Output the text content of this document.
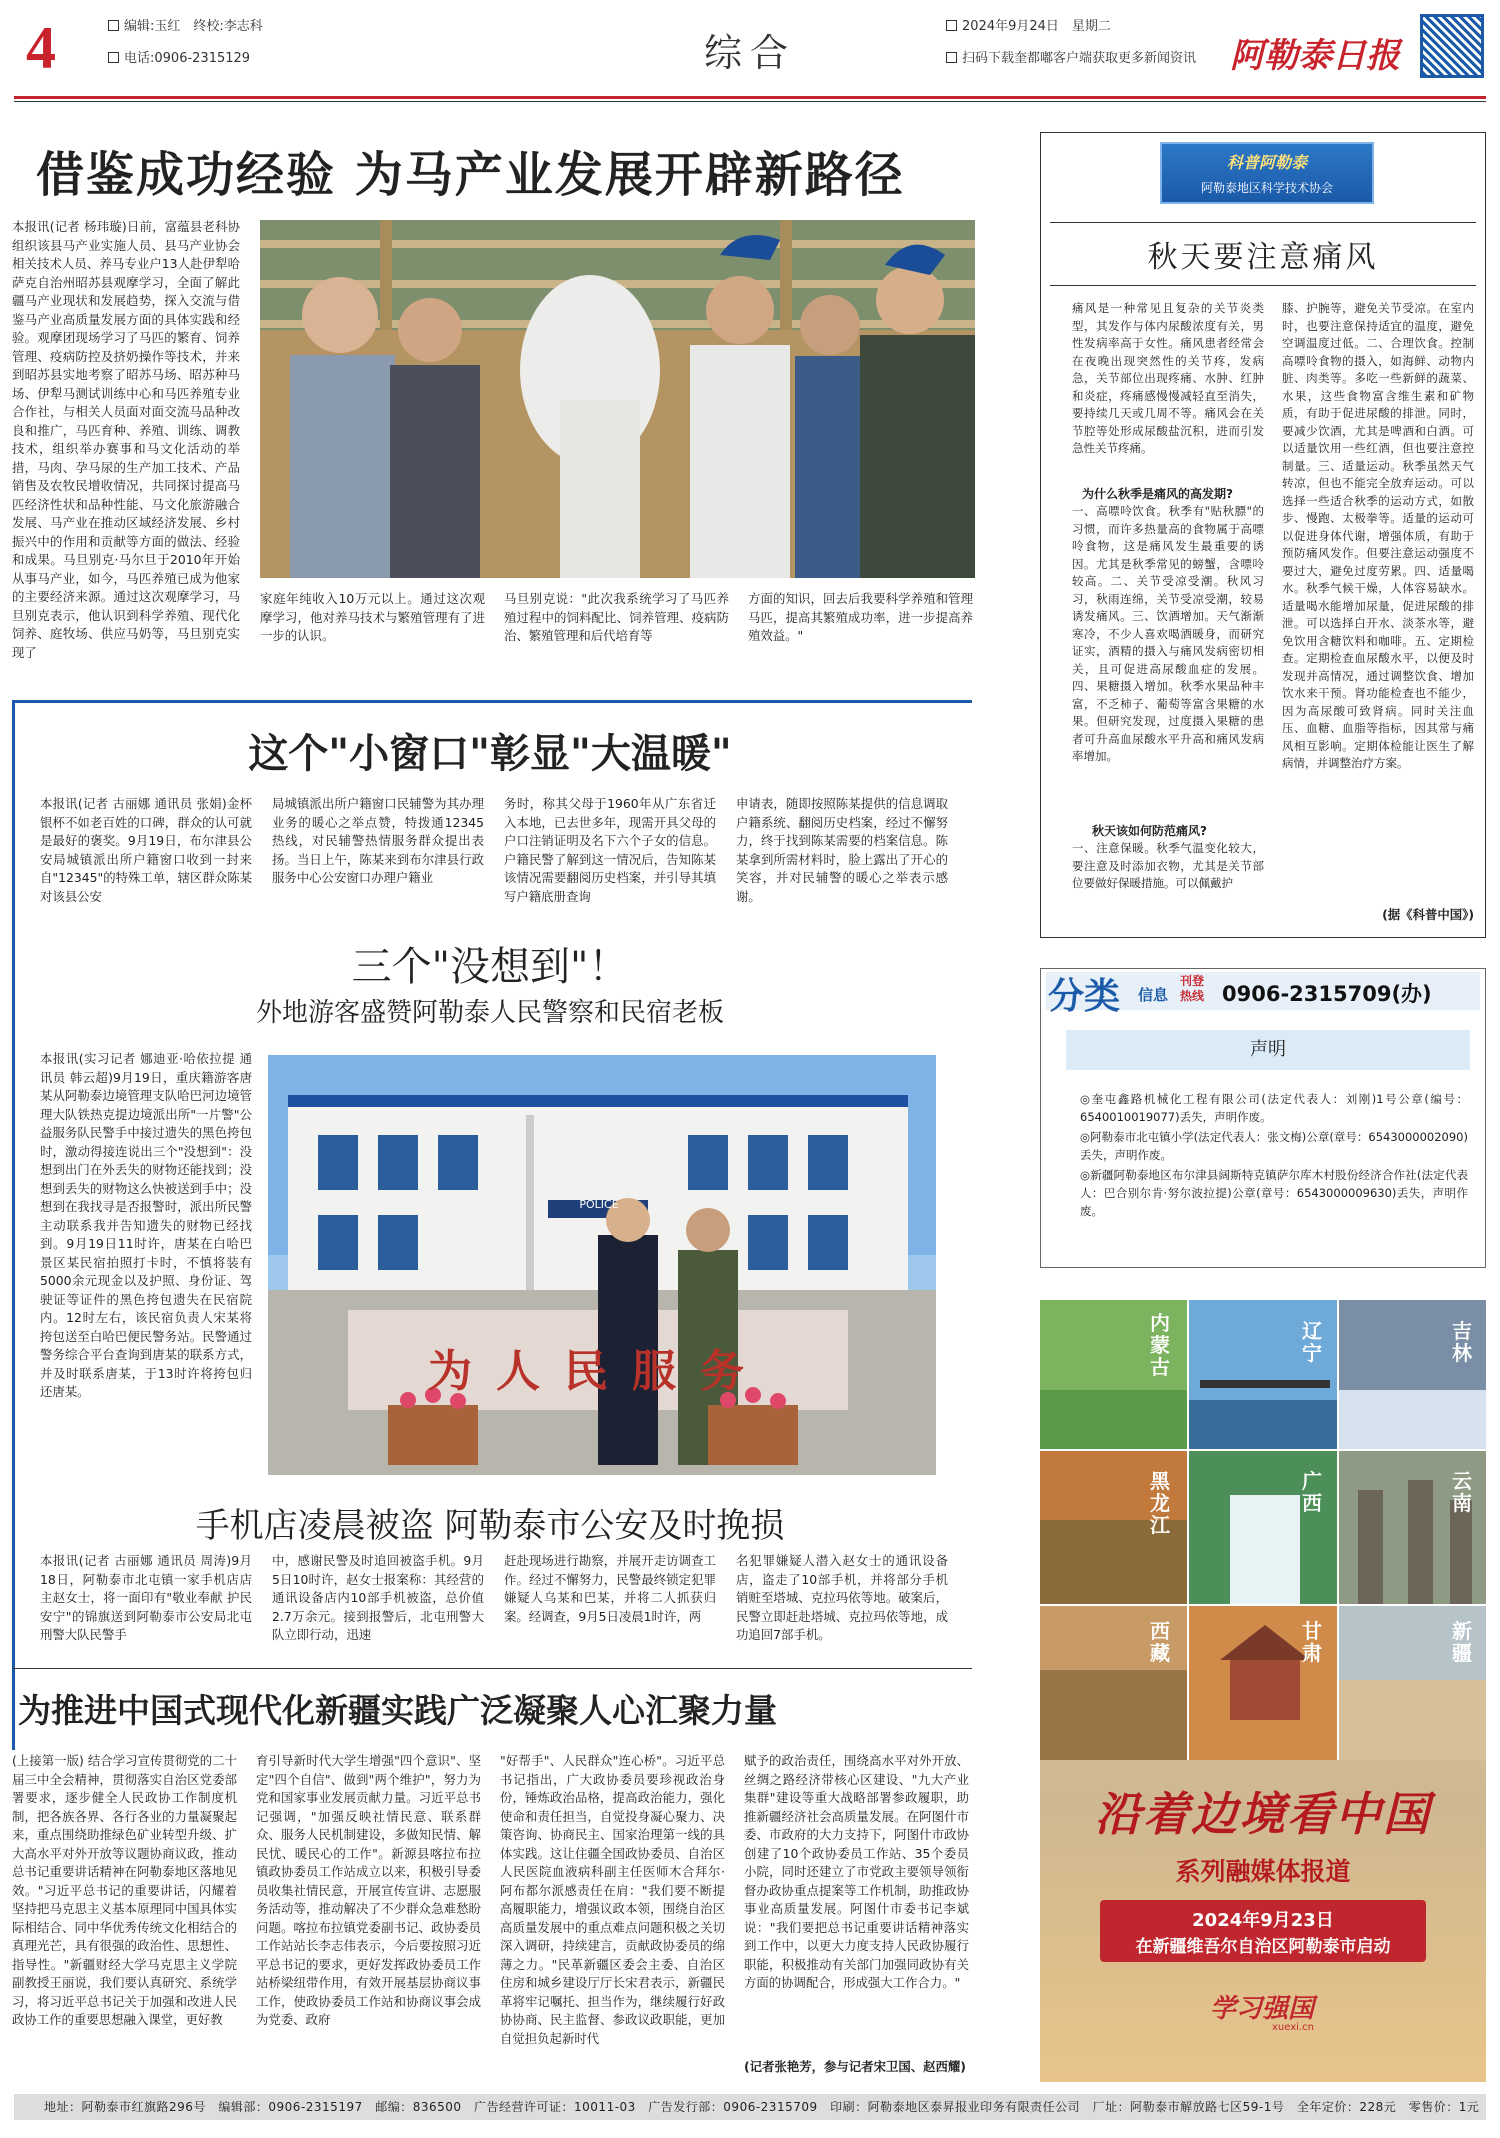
4	编辑:玉红　终校:李志科
电话:0906-2315129	综合
2024年9月24日　星期二
扫码下载奎都嘟客户端获取更多新闻资讯 阿勒泰日报
借鉴成功经验 为马产业发展开辟新路径
本报讯(记者 杨玮璇)日前，富蕴县老科协组织该县马产业实施人员、县马产业协会相关技术人员、养马专业户13人赴伊犁哈萨克自治州昭苏县观摩学习，全面了解此疆马产业现状和发展趋势，探入交流与借鉴马产业高质量发展方面的具体实践和经验。观摩团现场学习了马匹的繁育、饲养管理、疫病防控及挤奶操作等技术，并来到昭苏县实地考察了昭苏马场、昭苏种马场、伊犁马测试训练中心和马匹养殖专业合作社，与相关人员面对面交流马品种改良和推广，马匹育种、养殖、训练、调教技术，组织举办赛事和马文化活动的举措，马肉、孕马尿的生产加工技术、产品销售及农牧民增收情况，共同探讨提高马匹经济性状和品种性能、马文化旅游融合发展、马产业在推动区域经济发展、乡村振兴中的作用和贡献等方面的做法、经验和成果。马旦别克·马尔旦于2010年开始从事马产业，如今，马匹养殖已成为他家的主要经济来源。通过这次观摩学习，马旦别克表示，他认识到科学养殖、现代化饲养、庭牧场、供应马奶等，马旦别克实现了
家庭年纯收入10万元以上。通过这次观摩学习，他对养马技术与繁殖管理有了进一步的认识。
马旦别克说："此次我系统学习了马匹养殖过程中的饲料配比、饲养管理、疫病防治、繁殖管理和后代培育等
方面的知识，回去后我要科学养殖和管理马匹，提高其繁殖成功率，进一步提高养殖效益。"
这个"小窗口"彰显"大温暖"
本报讯(记者 古丽娜 通讯员 张娟)金杯银杯不如老百姓的口碑，群众的认可就是最好的褒奖。9月19日，布尔津县公安局城镇派出所户籍窗口收到一封来自"12345"的特殊工单，辖区群众陈某对该县公安
局城镇派出所户籍窗口民辅警为其办理业务的暖心之举点赞，特拨通12345热线，对民辅警热情服务群众提出表扬。当日上午，陈某来到布尔津县行政服务中心公安窗口办理户籍业
务时，称其父母于1960年从广东省迁入本地，已去世多年，现需开具父母的户口注销证明及名下六个子女的信息。户籍民警了解到这一情况后，告知陈某该情况需要翻阅历史档案，并引导其填写户籍底册查询
申请表，随即按照陈某提供的信息调取户籍系统、翻阅历史档案，经过不懈努力，终于找到陈某需要的档案信息。陈某拿到所需材料时，脸上露出了开心的笑容，并对民辅警的暖心之举表示感谢。
三个"没想到"！
外地游客盛赞阿勒泰人民警察和民宿老板
本报讯(实习记者 娜迪亚·哈依拉提 通讯员 韩云超)9月19日，重庆籍游客唐某从阿勒泰边境管理支队哈巴河边境管理大队铁热克提边境派出所"一片警"公益服务队民警手中接过遗失的黑色挎包时，激动得接连说出三个"没想到"：没想到出门在外丢失的财物还能找到；没想到丢失的财物这么快被送到手中；没想到在我找寻是否报警时，派出所民警主动联系我并告知遗失的财物已经找到。9月19日11时许，唐某在白哈巴景区某民宿拍照打卡时，不慎将装有5000余元现金以及护照、身份证、驾驶证等证件的黑色挎包遗失在民宿院内。12时左右，该民宿负责人宋某将挎包送至白哈巴便民警务站。民警通过警务综合平台查询到唐某的联系方式，并及时联系唐某，于13时许将挎包归还唐某。
POLICE
为人民服务
手机店凌晨被盗 阿勒泰市公安及时挽损
本报讯(记者 古丽娜 通讯员 周涛)9月18日，阿勒泰市北屯镇一家手机店店主赵女士，将一面印有"敬业奉献 护民安宁"的锦旗送到阿勒泰市公安局北屯刑警大队民警手
中，感谢民警及时追回被盗手机。9月5日10时许，赵女士报案称：其经营的通讯设备店内10部手机被盗，总价值2.7万余元。接到报警后，北屯刑警大队立即行动，迅速
赶赴现场进行勘察，并展开走访调查工作。经过不懈努力，民警最终锁定犯罪嫌疑人乌某和巴某，并将二人抓获归案。经调查，9月5日凌晨1时许，两
名犯罪嫌疑人潜入赵女士的通讯设备店，盗走了10部手机，并将部分手机销赃至塔城、克拉玛依等地。破案后，民警立即赶赴塔城、克拉玛依等地，成功追回7部手机。
为推进中国式现代化新疆实践广泛凝聚人心汇聚力量
(上接第一版) 结合学习宣传贯彻党的二十届三中全会精神，贯彻落实自治区党委部署要求，逐步健全人民政协工作制度机制，把各族各界、各行各业的力量凝聚起来，重点围绕助推绿色矿业转型升级、扩大高水平对外开放等议题协商议政，推动总书记重要讲话精神在阿勒泰地区落地见效。"习近平总书记的重要讲话，闪耀着坚持把马克思主义基本原理同中国具体实际相结合、同中华优秀传统文化相结合的真理光芒，具有很强的政治性、思想性、指导性。"新疆财经大学马克思主义学院副教授王丽说，我们要认真研究、系统学习，将习近平总书记关于加强和改进人民政协工作的重要思想融入课堂，更好教
育引导新时代大学生增强"四个意识"、坚定"四个自信"、做到"两个维护"，努力为党和国家事业发展贡献力量。习近平总书记强调，"加强反映社情民意、联系群众、服务人民机制建设，多做知民情、解民忧、暖民心的工作"。新源县喀拉布拉镇政协委员工作站成立以来，积极引导委员收集社情民意，开展宣传宣讲、志愿服务活动等，推动解决了不少群众急难愁盼问题。喀拉布拉镇党委副书记、政协委员工作站站长李志伟表示，今后要按照习近平总书记的要求，更好发挥政协委员工作站桥梁纽带作用，有效开展基层协商议事工作，使政协委员工作站和协商议事会成为党委、政府
"好帮手"、人民群众"连心桥"。习近平总书记指出，广大政协委员要珍视政治身份，锤炼政治品格，提高政治能力，强化使命和责任担当，自觉投身凝心聚力、决策咨询、协商民主、国家治理第一线的具体实践。这让住疆全国政协委员、自治区人民医院血液病科副主任医师木合拜尔·阿布都尔派感责任在肩："我们要不断提高履职能力，增强议政本领，围绕自治区高质量发展中的重点难点问题积极之关切深入调研，持续建言，贡献政协委员的绵薄之力。"民革新疆区委会主委、自治区住房和城乡建设厅厅长宋君表示，新疆民革将牢记嘱托、担当作为，继续履行好政协协商、民主监督、参政议政职能，更加自觉担负起新时代
赋予的政治责任，围绕高水平对外开放、丝绸之路经济带核心区建设、"九大产业集群"建设等重大战略部署参政履职，助推新疆经济社会高质量发展。在阿图什市委、市政府的大力支持下，阿图什市政协创建了10个政协委员工作站、35个委员小院，同时还建立了市党政主要领导领衔督办政协重点提案等工作机制，助推政协事业高质量发展。阿图什市委书记李斌说："我们要把总书记重要讲话精神落实到工作中，以更大力度支持人民政协履行职能，积极推动有关部门加强同政协有关方面的协调配合，形成强大工作合力。"
(记者张艳芳，参与记者宋卫国、赵西耀)
科普阿勒泰
阿勒泰地区科学技术协会
秋天要注意痛风
痛风是一种常见且复杂的关节炎类型，其发作与体内尿酸浓度有关，男性发病率高于女性。痛风患者经常会在夜晚出现突然性的关节疼，发病急，关节部位出现疼痛、水肿、红肿和炎症，疼痛感慢慢减轻直至消失，要持续几天或几周不等。痛风会在关节腔等处形成尿酸盐沉积，进而引发急性关节疼痛。
为什么秋季是痛风的高发期?
一、高嘌呤饮食。秋季有"贴秋膘"的习惯，而许多热量高的食物属于高嘌呤食物，这是痛风发生最重要的诱因。尤其是秋季常见的螃蟹，含嘌呤较高。二、关节受凉受潮。秋风习习，秋雨连绵，关节受凉受潮，较易诱发痛风。三、饮酒增加。天气渐渐寒冷，不少人喜欢喝酒暖身，而研究证实，酒精的摄入与痛风发病密切相关，且可促进高尿酸血症的发展。四、果糖摄入增加。秋季水果品种丰富，不乏柿子、葡萄等富含果糖的水果。但研究发现，过度摄入果糖的患者可升高血尿酸水平升高和痛风发病率增加。
秋天该如何防范痛风?
一、注意保暖。秋季气温变化较大，要注意及时添加衣物，尤其是关节部位要做好保暖措施。可以佩戴护
膝、护腕等，避免关节受凉。在室内时，也要注意保持适宜的温度，避免空调温度过低。二、合理饮食。控制高嘌呤食物的摄入，如海鲜、动物内脏、肉类等。多吃一些新鲜的蔬菜、水果，这些食物富含维生素和矿物质，有助于促进尿酸的排泄。同时，要减少饮酒，尤其是啤酒和白酒。可以适量饮用一些红酒，但也要注意控制量。三、适量运动。秋季虽然天气转凉，但也不能完全放弃运动。可以选择一些适合秋季的运动方式，如散步、慢跑、太极拳等。适量的运动可以促进身体代谢，增强体质，有助于预防痛风发作。但要注意运动强度不要过大，避免过度劳累。四、适量喝水。秋季气候干燥，人体容易缺水。适量喝水能增加尿量，促进尿酸的排泄。可以选择白开水、淡茶水等，避免饮用含糖饮料和咖啡。五、定期检查。定期检查血尿酸水平，以便及时发现并高情况，通过调整饮食、增加饮水来干预。肾功能检查也不能少，因为高尿酸可致肾病。同时关注血压、血糖、血脂等指标，因其常与痛风相互影响。定期体检能让医生了解病情，并调整治疗方案。
(据《科普中国》)
分类 信息
刊登热线 0906-2315709(办)
声明
◎奎屯鑫路机械化工程有限公司(法定代表人：刘刚)1号公章(编号：6540010019077)丢失，声明作废。
◎阿勒泰市北屯镇小学(法定代表人：张文梅)公章(章号：6543000002090)丢失，声明作废。
◎新疆阿勒泰地区布尔津县阔斯特克镇萨尔库木村股份经济合作社(法定代表人：巴合别尔肯·努尔波拉提)公章(章号：6543000009630)丢失，声明作废。
内蒙古
辽宁
吉林
黑龙江
广西
云南
西藏
甘肃
新疆
沿着边境看中国
系列融媒体报道
2024年9月23日
在新疆维吾尔自治区阿勒泰市启动
学习强国
xuexi.cn
地址：阿勒泰市红旗路296号　编辑部：0906-2315197　邮编：836500　广告经营许可证：10011-03　广告发行部：0906-2315709　印刷：阿勒泰地区泰昇报业印务有限责任公司　厂址：阿勒泰市解放路七区59-1号　全年定价：228元　零售价：1元
